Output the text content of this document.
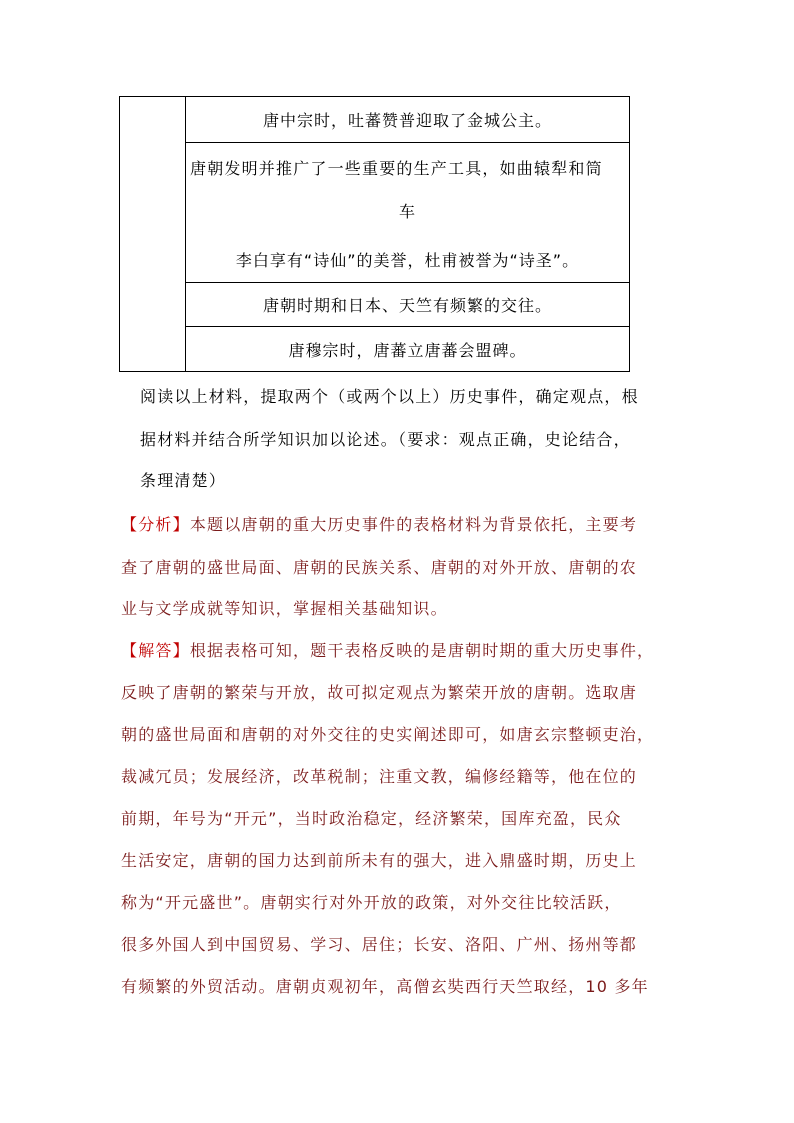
唐中宗时，吐蕃赞普迎取了金城公主。
唐朝发明并推广了一些重要的生产工具，如曲辕犁和筒
车
李白享有“诗仙”的美誉，杜甫被誉为“诗圣”。
唐朝时期和日本、天竺有频繁的交往。
唐穆宗时，唐蕃立唐蕃会盟碑。
阅读以上材料，提取两个（或两个以上）历史事件，确定观点，根
据材料并结合所学知识加以论述。（要求：观点正确，史论结合，
条理清楚）
【分析】本题以唐朝的重大历史事件的表格材料为背景依托，主要考
查了唐朝的盛世局面、唐朝的民族关系、唐朝的对外开放、唐朝的农
业与文学成就等知识，掌握相关基础知识。
【解答】根据表格可知，题干表格反映的是唐朝时期的重大历史事件，
反映了唐朝的繁荣与开放，故可拟定观点为繁荣开放的唐朝。选取唐
朝的盛世局面和唐朝的对外交往的史实阐述即可，如唐玄宗整顿吏治，
裁减冗员；发展经济，改革税制；注重文教，编修经籍等，他在位的
前期，年号为“开元”，当时政治稳定，经济繁荣，国库充盈，民众
生活安定，唐朝的国力达到前所未有的强大，进入鼎盛时期，历史上
称为“开元盛世”。唐朝实行对外开放的政策，对外交往比较活跃，
很多外国人到中国贸易、学习、居住；长安、洛阳、广州、扬州等都
有频繁的外贸活动。唐朝贞观初年，高僧玄奘西行天竺取经，10 多年
